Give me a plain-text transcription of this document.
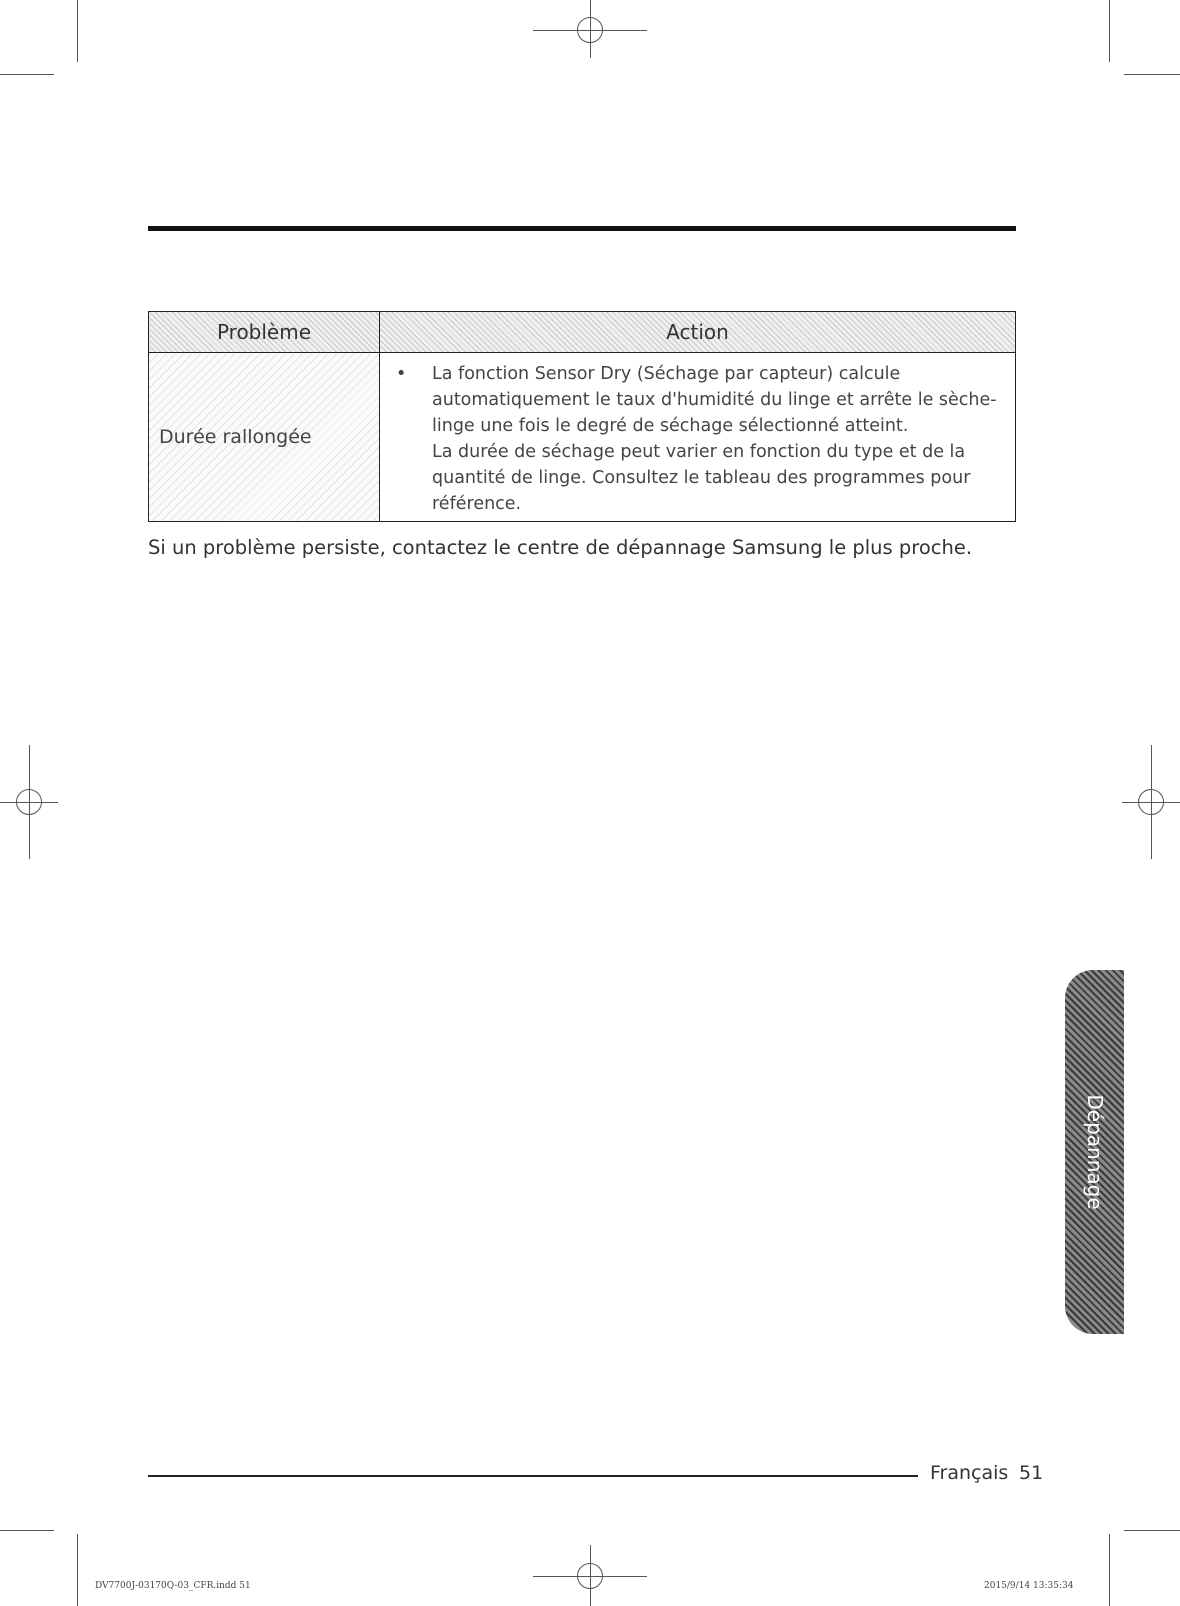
Problème	Action
Durée rallongée	• La fonction Sensor Dry (Séchage par capteur) calcule automatiquement le taux d'humidité du linge et arrête le sèche-linge une fois le degré de séchage sélectionné atteint.

La durée de séchage peut varier en fonction du type et de la quantité de linge. Consultez le tableau des programmes pour référence.

Si un problème persiste, contactez le centre de dépannage Samsung le plus proche.
Dépannage
Français 51
DV7700J-03170Q-03_CFR.indd 51	2015/9/14 13:35:34
